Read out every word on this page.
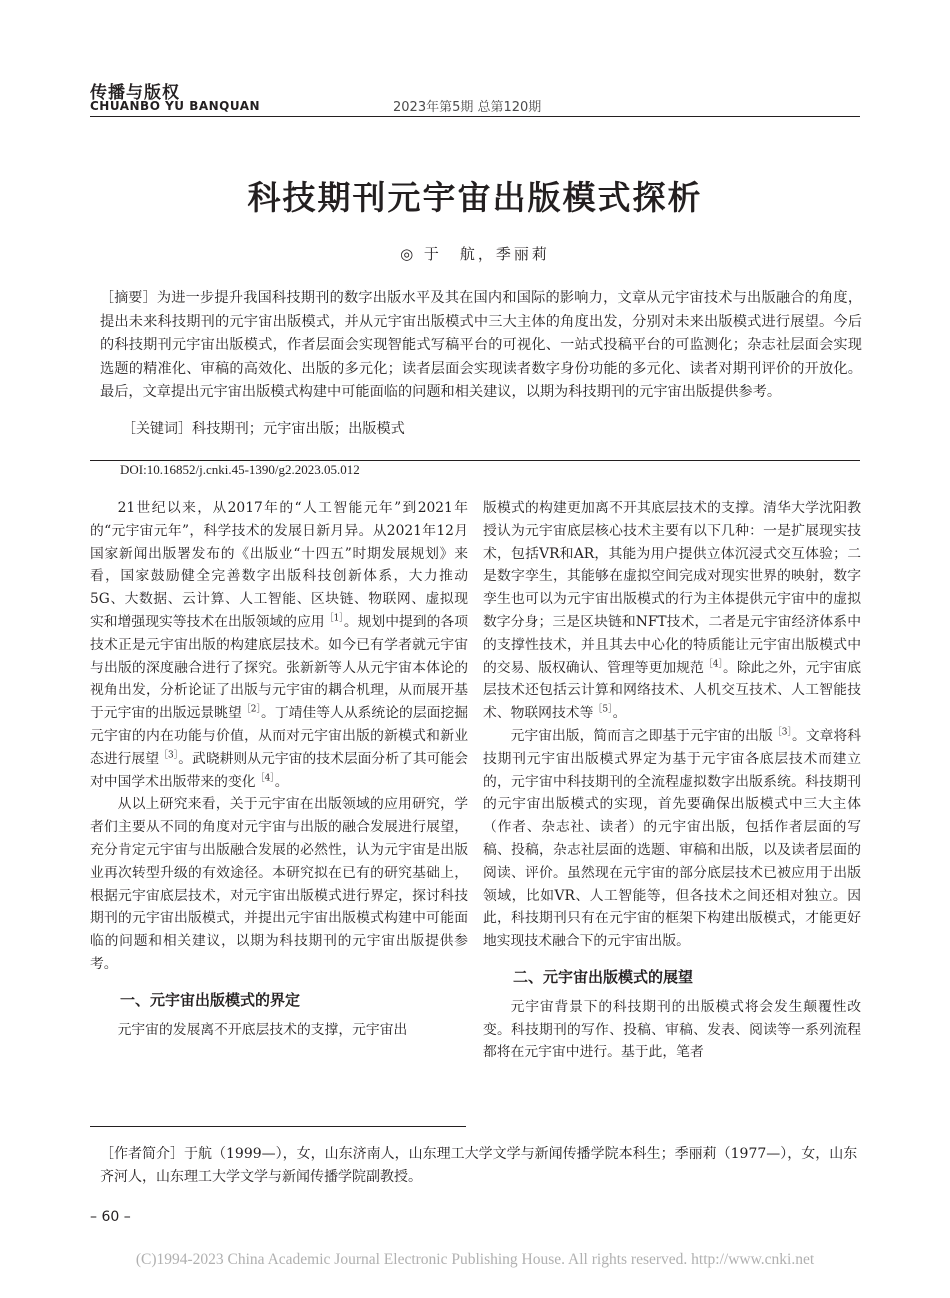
传播与版权
CHUANBO YU BANQUAN	2023年第5期 总第120期
科技期刊元宇宙出版模式探析
◎ 于　航，季丽莉
［摘要］为进一步提升我国科技期刊的数字出版水平及其在国内和国际的影响力，文章从元宇宙技术与出版融合的角度，提出未来科技期刊的元宇宙出版模式，并从元宇宙出版模式中三大主体的角度出发，分别对未来出版模式进行展望。今后的科技期刊元宇宙出版模式，作者层面会实现智能式写稿平台的可视化、一站式投稿平台的可监测化；杂志社层面会实现选题的精准化、审稿的高效化、出版的多元化；读者层面会实现读者数字身份功能的多元化、读者对期刊评价的开放化。最后，文章提出元宇宙出版模式构建中可能面临的问题和相关建议，以期为科技期刊的元宇宙出版提供参考。
［关键词］科技期刊；元宇宙出版；出版模式
DOI:10.16852/j.cnki.45-1390/g2.2023.05.012

21世纪以来，从2017年的“人工智能元年”到2021年的“元宇宙元年”，科学技术的发展日新月异。从2021年12月国家新闻出版署发布的《出版业“十四五”时期发展规划》来看，国家鼓励健全完善数字出版科技创新体系，大力推动5G、大数据、云计算、人工智能、区块链、物联网、虚拟现实和增强现实等技术在出版领域的应用$^{[1]}$。规划中提到的各项技术正是元宇宙出版的构建底层技术。如今已有学者就元宇宙与出版的深度融合进行了探究。张新新等人从元宇宙本体论的视角出发，分析论证了出版与元宇宙的耦合机理，从而展开基于元宇宙的出版远景眺望$^{[2]}$。丁靖佳等人从系统论的层面挖掘元宇宙的内在功能与价值，从而对元宇宙出版的新模式和新业态进行展望$^{[3]}$。武晓耕则从元宇宙的技术层面分析了其可能会对中国学术出版带来的变化$^{[4]}$。

从以上研究来看，关于元宇宙在出版领域的应用研究，学者们主要从不同的角度对元宇宙与出版的融合发展进行展望，充分肯定元宇宙与出版融合发展的必然性，认为元宇宙是出版业再次转型升级的有效途径。本研究拟在已有的研究基础上，根据元宇宙底层技术，对元宇宙出版模式进行界定，探讨科技期刊的元宇宙出版模式，并提出元宇宙出版模式构建中可能面临的问题和相关建议，以期为科技期刊的元宇宙出版提供参考。

一、元宇宙出版模式的界定

元宇宙的发展离不开底层技术的支撑，元宇宙出

版模式的构建更加离不开其底层技术的支撑。清华大学沈阳教授认为元宇宙底层核心技术主要有以下几种：一是扩展现实技术，包括VR和AR，其能为用户提供立体沉浸式交互体验；二是数字孪生，其能够在虚拟空间完成对现实世界的映射，数字孪生也可以为元宇宙出版模式的行为主体提供元宇宙中的虚拟数字分身；三是区块链和NFT技术，二者是元宇宙经济体系中的支撑性技术，并且其去中心化的特质能让元宇宙出版模式中的交易、版权确认、管理等更加规范$^{[4]}$。除此之外，元宇宙底层技术还包括云计算和网络技术、人机交互技术、人工智能技术、物联网技术等$^{[5]}$。

元宇宙出版，简而言之即基于元宇宙的出版$^{[3]}$。文章将科技期刊元宇宙出版模式界定为基于元宇宙各底层技术而建立的，元宇宙中科技期刊的全流程虚拟数字出版系统。科技期刊的元宇宙出版模式的实现，首先要确保出版模式中三大主体（作者、杂志社、读者）的元宇宙出版，包括作者层面的写稿、投稿，杂志社层面的选题、审稿和出版，以及读者层面的阅读、评价。虽然现在元宇宙的部分底层技术已被应用于出版领域，比如VR、人工智能等，但各技术之间还相对独立。因此，科技期刊只有在元宇宙的框架下构建出版模式，才能更好地实现技术融合下的元宇宙出版。

二、元宇宙出版模式的展望

元宇宙背景下的科技期刊的出版模式将会发生颠覆性改变。科技期刊的写作、投稿、审稿、发表、阅读等一系列流程都将在元宇宙中进行。基于此，笔者

［作者简介］于航（1999—），女，山东济南人，山东理工大学文学与新闻传播学院本科生；季丽莉（1977—），女，山东齐河人，山东理工大学文学与新闻传播学院副教授。
– 60 –
(C)1994-2023 China Academic Journal Electronic Publishing House. All rights reserved. http://www.cnki.net
